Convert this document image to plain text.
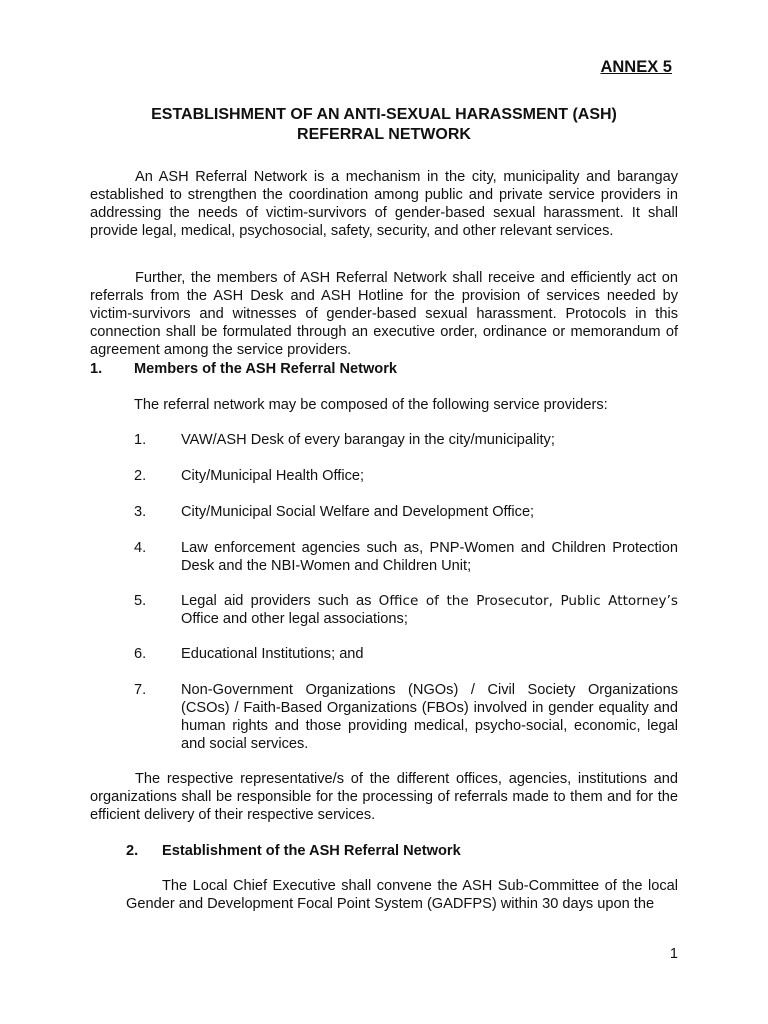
ANNEX 5
ESTABLISHMENT OF AN ANTI-SEXUAL HARASSMENT (ASH)
REFERRAL NETWORK

An ASH Referral Network is a mechanism in the city, municipality and barangay established to strengthen the coordination among public and private service providers in addressing the needs of victim-survivors of gender-based sexual harassment. It shall provide legal, medical, psychosocial, safety, security, and other relevant services.

Further, the members of ASH Referral Network shall receive and efficiently act on referrals from the ASH Desk and ASH Hotline for the provision of services needed by victim-survivors and witnesses of gender-based sexual harassment. Protocols in this connection shall be formulated through an executive order, ordinance or memorandum of agreement among the service providers.

1. Members of the ASH Referral Network

The referral network may be composed of the following service providers:

1. VAW/ASH Desk of every barangay in the city/municipality;
2. City/Municipal Health Office;
3. City/Municipal Social Welfare and Development Office;
4. Law enforcement agencies such as, PNP-Women and Children Protection Desk and the NBI-Women and Children Unit;
5. Legal aid providers such as Office of the Prosecutor, Public Attorney’s Office and other legal associations;
6. Educational Institutions; and
7. Non-Government Organizations (NGOs) / Civil Society Organizations (CSOs) / Faith-Based Organizations (FBOs) involved in gender equality and human rights and those providing medical, psycho-social, economic, legal and social services.

The respective representative/s of the different offices, agencies, institutions and organizations shall be responsible for the processing of referrals made to them and for the efficient delivery of their respective services.

2. Establishment of the ASH Referral Network

The Local Chief Executive shall convene the ASH Sub-Committee of the local Gender and Development Focal Point System (GADFPS) within 30 days upon the

1
